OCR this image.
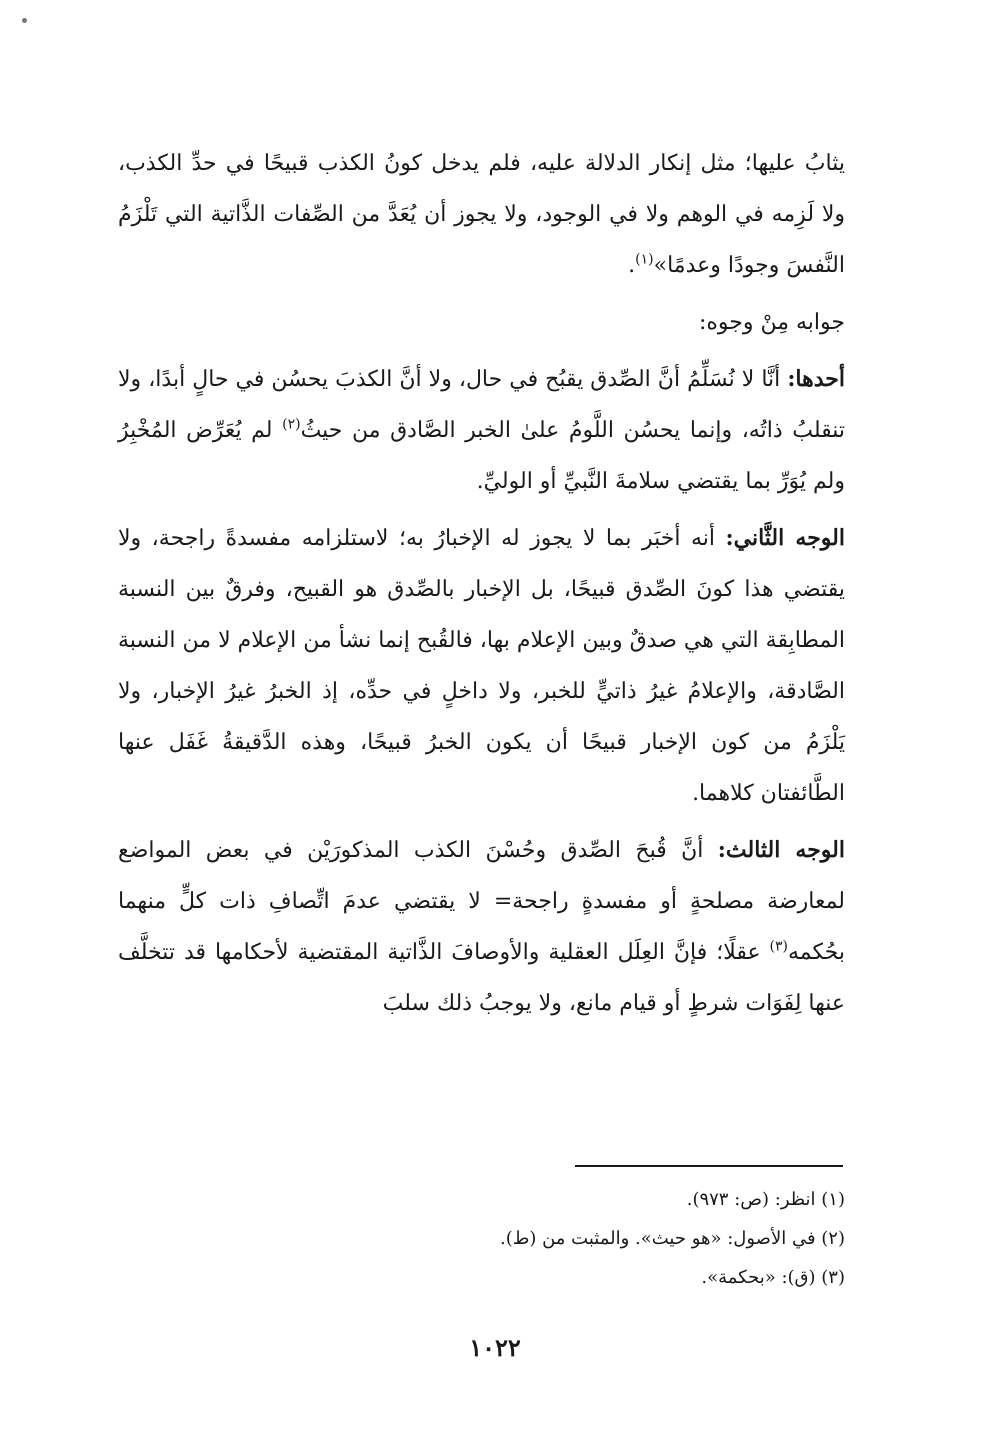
يثابُ عليها؛ مثل إنكار الدلالة عليه، فلم يدخل كونُ الكذب قبيحًا في حدِّ الكذب، ولا لَزِمه في الوهم ولا في الوجود، ولا يجوز أن يُعَدَّ من الصِّفات الذَّاتية التي تَلْزَمُ النَّفسَ وجودًا وعدمًا»$^{(١)}$.

جوابه مِنْ وجوه:

أحدها: أنَّا لا نُسَلِّمُ أنَّ الصِّدق يقبُح في حال، ولا أنَّ الكذبَ يحسُن في حالٍ أبدًا، ولا تنقلبُ ذاتُه، وإنما يحسُن اللَّومُ علىٰ الخبر الصَّادق من حيثُ$^{(٢)}$ لم يُعَرِّض المُخْبِرُ ولم يُوَرِّ بما يقتضي سلامةَ النَّبيِّ أو الوليِّ.

الوجه الثَّاني: أنه أخبَر بما لا يجوز له الإخبارُ به؛ لاستلزامه مفسدةً راجحة، ولا يقتضي هذا كونَ الصِّدق قبيحًا، بل الإخبار بالصِّدق هو القبيح، وفرقٌ بين النسبة المطابِقة التي هي صدقٌ وبين الإعلام بها، فالقُبح إنما نشأ من الإعلام لا من النسبة الصَّادقة، والإعلامُ غيرُ ذاتيٍّ للخبر، ولا داخلٍ في حدِّه، إذ الخبرُ غيرُ الإخبار، ولا يَلْزَمُ من كون الإخبار قبيحًا أن يكون الخبرُ قبيحًا، وهذه الدَّقيقةُ غَفَل عنها الطَّائفتان كلاهما.

الوجه الثالث: أنَّ قُبحَ الصِّدق وحُسْنَ الكذب المذكورَيْن في بعض المواضع لمعارضة مصلحةٍ أو مفسدةٍ راجحة= لا يقتضي عدمَ اتِّصافِ ذات كلٍّ منهما بحُكمه$^{(٣)}$ عقلًا؛ فإنَّ العِلَل العقلية والأوصافَ الذَّاتية المقتضية لأحكامها قد تتخلَّف عنها لِفَوَات شرطٍ أو قيام مانع، ولا يوجبُ ذلك سلبَ

(١) انظر: (ص: ٩٧٣).
(٢) في الأصول: «هو حيث». والمثبت من (ط).
(٣) (ق): «بحكمة».
١٠٢٢
